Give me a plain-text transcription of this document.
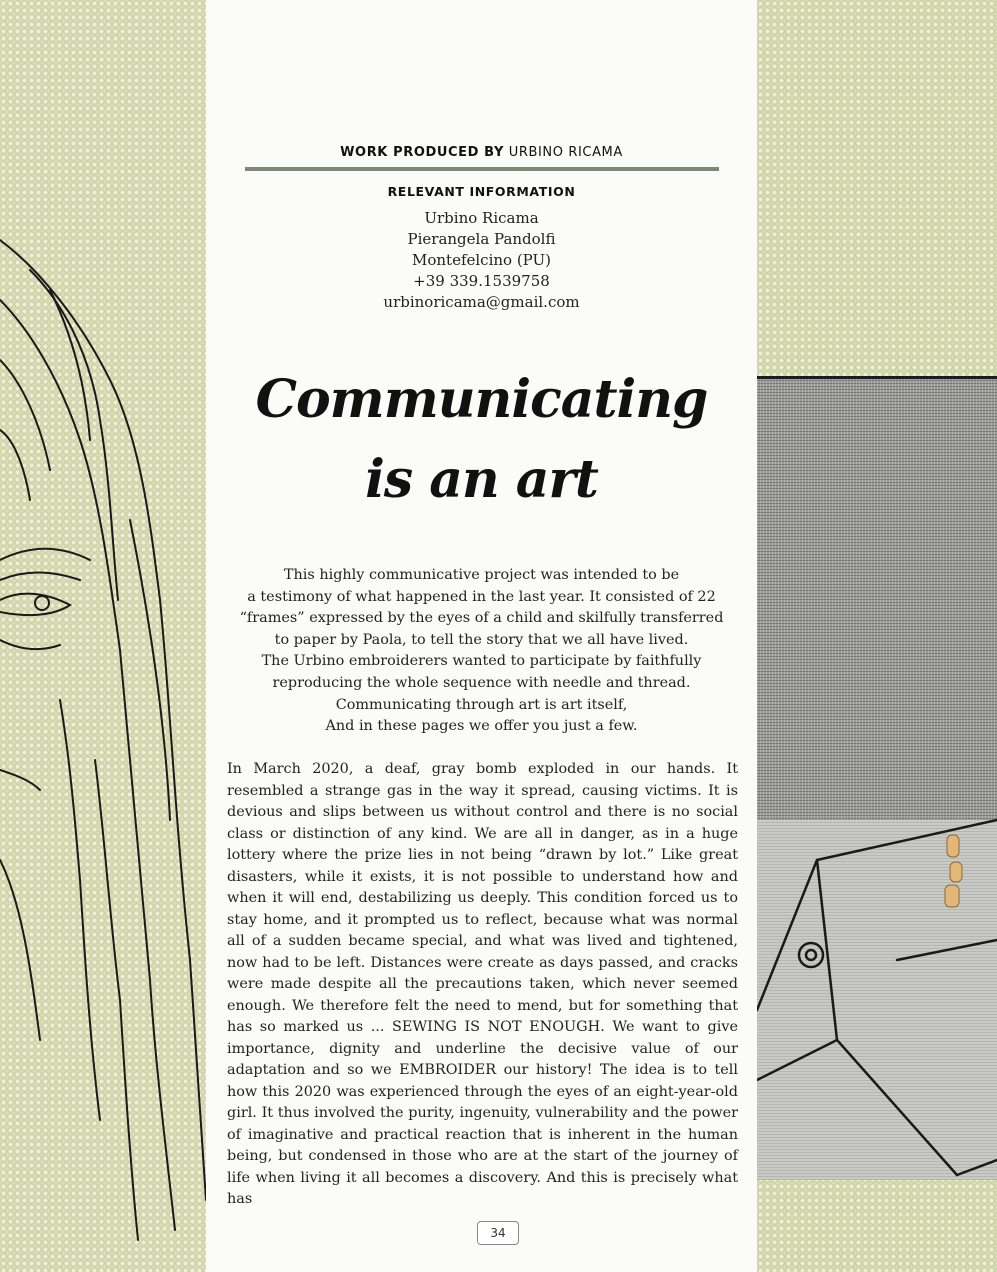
WORK PRODUCED BY URBINO RICAMA
RELEVANT INFORMATION
Urbino Ricama
Pierangela Pandolfi
Montefelcino (PU)
+39 339.1539758
urbinoricama@gmail.com
Communicating
is an art
This highly communicative project was intended to be
a testimony of what happened in the last year. It consisted of 22
“frames” expressed by the eyes of a child and skilfully transferred
to paper by Paola, to tell the story that we all have lived.
The Urbino embroiderers wanted to participate by faithfully
reproducing the whole sequence with needle and thread.
Communicating through art is art itself,
And in these pages we offer you just a few.
In March 2020, a deaf, gray bomb exploded in our hands. It resembled a strange gas in the way it spread, causing victims. It is devious and slips between us without control and there is no social class or distinction of any kind. We are all in danger, as in a huge lottery where the prize lies in not being “drawn by lot.” Like great disasters, while it exists, it is not possible to understand how and when it will end, destabilizing us deeply. This condition forced us to stay home, and it prompted us to reflect, because what was normal all of a sudden became special, and what was lived and tightened, now had to be left. Distances were create as days passed, and cracks were made despite all the precautions taken, which never seemed enough. We therefore felt the need to mend, but for something that has so marked us ... SEWING IS NOT ENOUGH. We want to give importance, dignity and underline the decisive value of our adaptation and so we EMBROIDER our history! The idea is to tell how this 2020 was experienced through the eyes of an eight-year-old girl. It thus involved the purity, ingenuity, vulnerability and the power of imaginative and practical reaction that is inherent in the human being, but condensed in those who are at the start of the journey of life when living it all becomes a discovery. And this is precisely what has
34
